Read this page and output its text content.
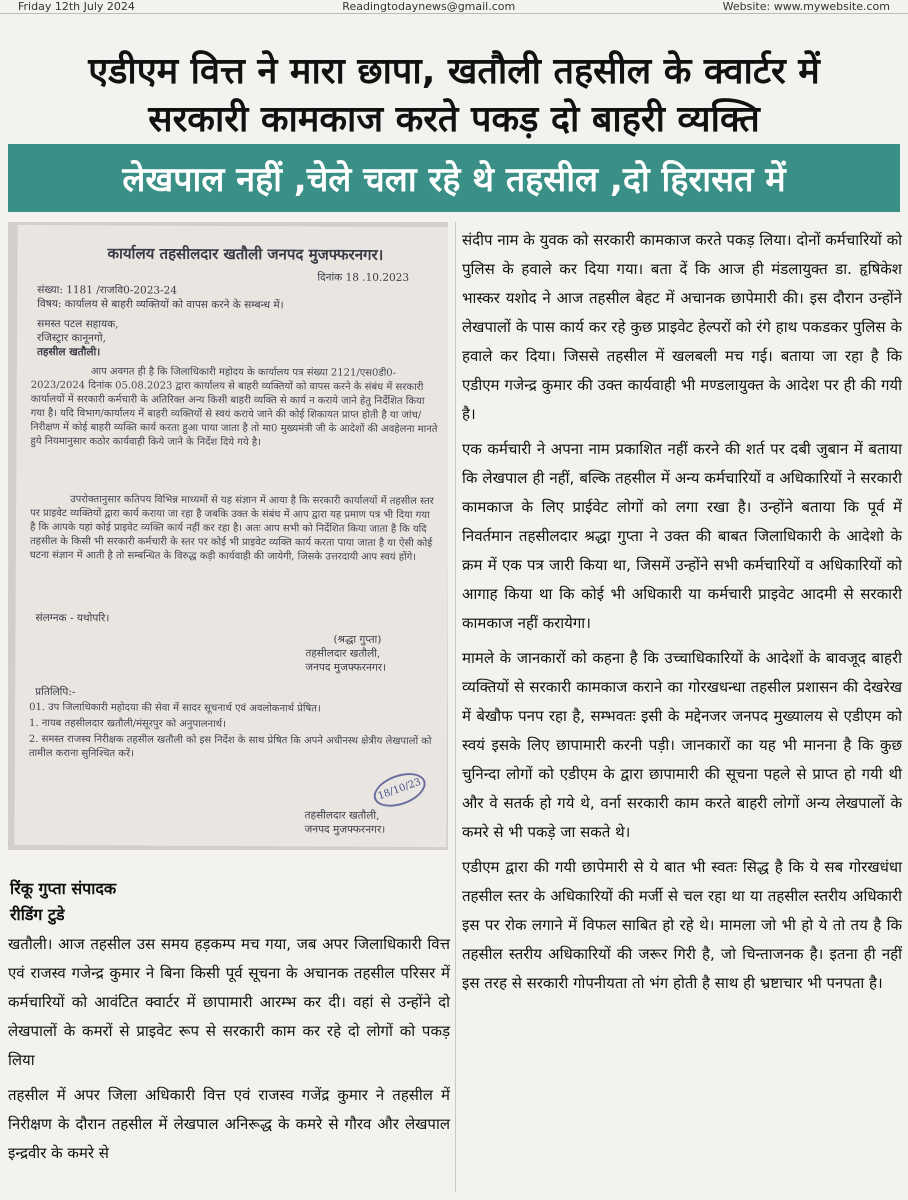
Friday 12th July 2024	Readingtodaynews@gmail.com	Website: www.mywebsite.com
एडीएम वित्त ने मारा छापा, खतौली तहसील के क्वार्टर में
सरकारी कामकाज करते पकड़ दो बाहरी व्यक्ति
लेखपाल नहीं ,चेले चला रहे थे तहसील ,दो हिरासत में
कार्यालय तहसीलदार खतौली जनपद मुजफ्फरनगर।
दिनांक 18 .10.2023
संख्या: 1181 /राजवि0-2023-24
विषय: कार्यालय से बाहरी व्यक्तियों को वापस करने के सम्बन्ध में।
समस्त पटल सहायक,
रजिस्ट्रार कानूनगो,
तहसील खतौली।
आप अवगत ही है कि जिलाधिकारी महोदय के कार्यालय पत्र संख्या 2121/एस0डी0-2023/2024 दिनांक 05.08.2023 द्वारा कार्यालय से बाहरी व्यक्तियों को वापस करने के संबंध में सरकारी कार्यालयों में सरकारी कर्मचारी के अतिरिक्त अन्य किसी बाहरी व्यक्ति से कार्य न कराये जाने हेतु निर्देशित किया गया है। यदि विभाग/कार्यालय में बाहरी व्यक्तियों से स्वयं कराये जाने की कोई शिकायत प्राप्त होती है या जांच/निरीक्षण में कोई बाहरी व्यक्ति कार्य करता हुआ पाया जाता है तो मा0 मुख्यमंत्री जी के आदेशों की अवहेलना मानते हुये नियमानुसार कठोर कार्यवाही किये जाने के निर्देश दिये गये है।
उपरोक्तानुसार कतिपय विभिन्न माध्यमों से यह संज्ञान में आया है कि सरकारी कार्यालयों में तहसील स्तर पर प्राइवेट व्यक्तियों द्वारा कार्य कराया जा रहा है जबकि उक्त के संबंध में आप द्वारा यह प्रमाण पत्र भी दिया गया है कि आपके यहां कोई प्राइवेट व्यक्ति कार्य नहीं कर रहा है। अतः आप सभी को निर्देशित किया जाता है कि यदि तहसील के किसी भी सरकारी कर्मचारी के स्तर पर कोई भी प्राइवेट व्यक्ति कार्य करता पाया जाता है या ऐसी कोई घटना संज्ञान में आती है तो सम्बन्धित के विरुद्ध कड़ी कार्यवाही की जायेगी, जिसके उत्तरदायी आप स्वयं होंगे।
संलग्नक - यथोपरि।
(श्रद्धा गुप्ता)
तहसीलदार खतौली,
जनपद मुजफ्फरनगर।
प्रतिलिपि:-
01. उप जिलाधिकारी महोदया की सेवा में सादर सूचनार्थ एवं अवलोकनार्थ प्रेषित।
1. नायब तहसीलदार खतौली/मंसूरपुर को अनुपालनार्थ।
2. समस्त राजस्व निरीक्षक तहसील खतौली को इस निर्देश के साथ प्रेषित कि अपने अधीनस्थ क्षेत्रीय लेखपालों को तामील कराना सुनिश्चित करें।
18/10/23
तहसीलदार खतौली,
जनपद मुजफ्फरनगर।
रिंकू गुप्ता संपादक
रीडिंग टुडे

खतौली। आज तहसील उस समय हड़कम्प मच गया, जब अपर जिलाधिकारी वित्त एवं राजस्व गजेन्द्र कुमार ने बिना किसी पूर्व सूचना के अचानक तहसील परिसर में कर्मचारियों को आवंटित क्वार्टर में छापामारी आरम्भ कर दी। वहां से उन्होंने दो लेखपालों के कमरों से प्राइवेट रूप से सरकारी काम कर रहे दो लोगों को पकड़ लिया

तहसील में अपर जिला अधिकारी वित्त एवं राजस्व गजेंद्र कुमार ने तहसील में निरीक्षण के दौरान तहसील में लेखपाल अनिरूद्ध के कमरे से गौरव और लेखपाल इन्द्रवीर के कमरे से

संदीप नाम के युवक को सरकारी कामकाज करते पकड़ लिया। दोनों कर्मचारियों को पुलिस के हवाले कर दिया गया। बता दें कि आज ही मंडलायुक्त डा. हृषिकेश भास्कर यशोद ने आज तहसील बेहट में अचानक छापेमारी की। इस दौरान उन्होंने लेखपालों के पास कार्य कर रहे कुछ प्राइवेट हेल्परों को रंगे हाथ पकडकर पुलिस के हवाले कर दिया। जिससे तहसील में खलबली मच गई। बताया जा रहा है कि एडीएम गजेन्द्र कुमार की उक्त कार्यवाही भी मण्डलायुक्त के आदेश पर ही की गयी है।

एक कर्मचारी ने अपना नाम प्रकाशित नहीं करने की शर्त पर दबी जुबान में बताया कि लेखपाल ही नहीं, बल्कि तहसील में अन्य कर्मचारियों व अधिकारियों ने सरकारी कामकाज के लिए प्राईवेट लोगों को लगा रखा है। उन्होंने बताया कि पूर्व में निवर्तमान तहसीलदार श्रद्धा गुप्ता ने उक्त की बाबत जिलाधिकारी के आदेशो के क्रम में एक पत्र जारी किया था, जिसमें उन्होंने सभी कर्मचारियों व अधिकारियों को आगाह किया था कि कोई भी अधिकारी या कर्मचारी प्राइवेट आदमी से सरकारी कामकाज नहीं करायेगा।

मामले के जानकारों को कहना है कि उच्चाधिकारियों के आदेशों के बावजूद बाहरी व्यक्तियों से सरकारी कामकाज कराने का गोरखधन्धा तहसील प्रशासन की देखरेख में बेखौफ पनप रहा है, सम्भवतः इसी के मद्देनजर जनपद मुख्यालय से एडीएम को स्वयं इसके लिए छापामारी करनी पड़ी। जानकारों का यह भी मानना है कि कुछ चुनिन्दा लोगों को एडीएम के द्वारा छापामारी की सूचना पहले से प्राप्त हो गयी थी और वे सतर्क हो गये थे, वर्ना सरकारी काम करते बाहरी लोगों अन्य लेखपालों के कमरे से भी पकड़े जा सकते थे।

एडीएम द्वारा की गयी छापेमारी से ये बात भी स्वतः सिद्ध है कि ये सब गोरखधंधा तहसील स्तर के अधिकारियों की मर्जी से चल रहा था या तहसील स्तरीय अधिकारी इस पर रोक लगाने में विफल साबित हो रहे थे। मामला जो भी हो ये तो तय है कि तहसील स्तरीय अधिकारियों की जरूर गिरी है, जो चिन्ताजनक है। इतना ही नहीं इस तरह से सरकारी गोपनीयता तो भंग होती है साथ ही भ्रष्टाचार भी पनपता है।
